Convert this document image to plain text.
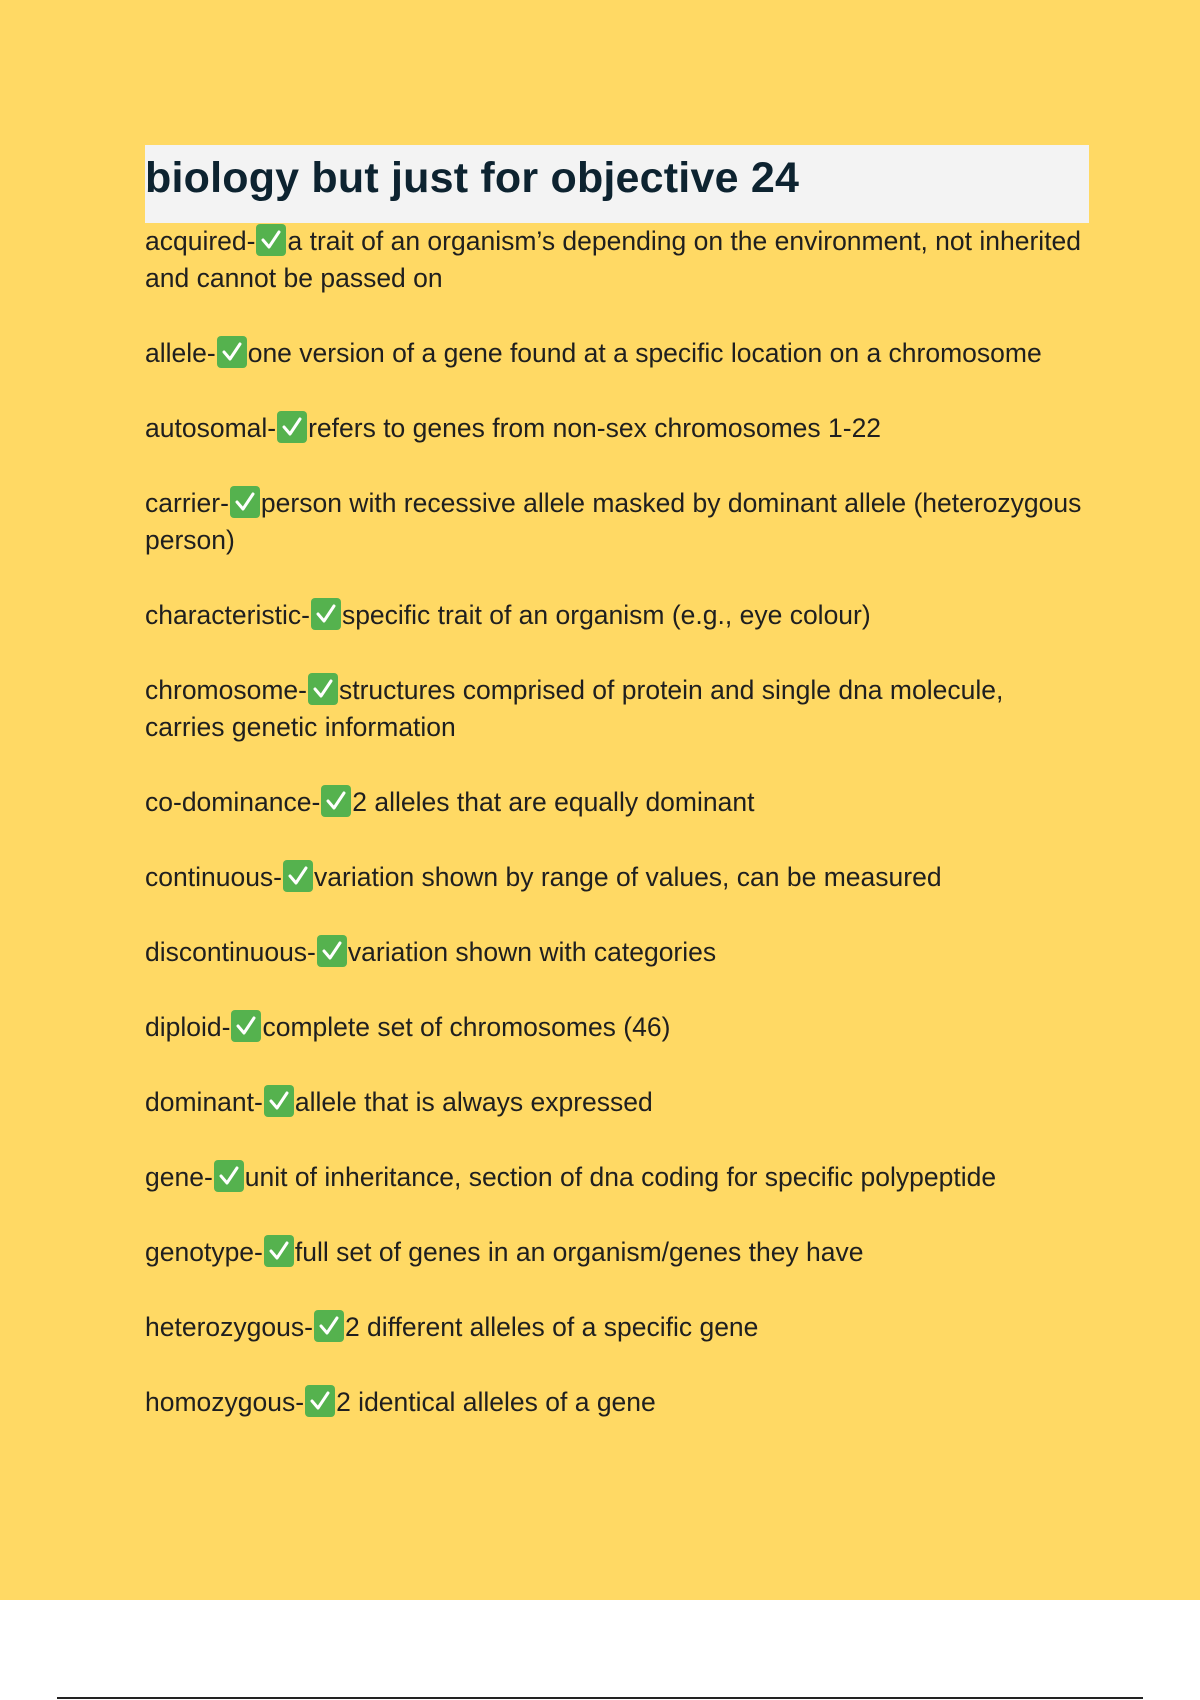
biology but just for objective 24

acquired- a trait of an organism’s depending on the environment, not inherited and cannot be passed on

allele- one version of a gene found at a specific location on a chromosome

autosomal- refers to genes from non-sex chromosomes 1-22

carrier- person with recessive allele masked by dominant allele (heterozygous person)

characteristic- specific trait of an organism (e.g., eye colour)

chromosome- structures comprised of protein and single dna molecule, carries genetic information

co-dominance- 2 alleles that are equally dominant

continuous- variation shown by range of values, can be measured

discontinuous- variation shown with categories

diploid- complete set of chromosomes (46)

dominant- allele that is always expressed

gene- unit of inheritance, section of dna coding for specific polypeptide

genotype- full set of genes in an organism/genes they have

heterozygous- 2 different alleles of a specific gene

homozygous- 2 identical alleles of a gene
